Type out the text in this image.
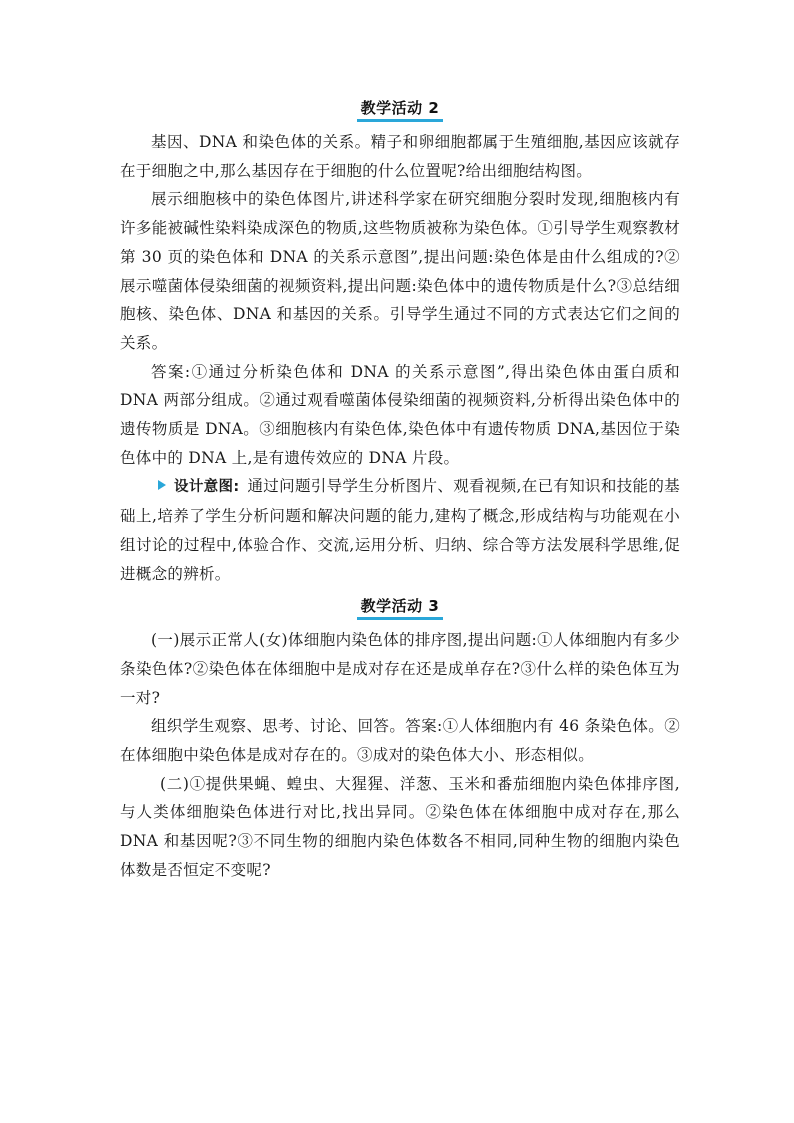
教学活动 2

基因、DNA 和染色体的关系。精子和卵细胞都属于生殖细胞,基因应该就存在于细胞之中,那么基因存在于细胞的什么位置呢?给出细胞结构图。

展示细胞核中的染色体图片,讲述科学家在研究细胞分裂时发现,细胞核内有许多能被碱性染料染成深色的物质,这些物质被称为染色体。①引导学生观察教材第 30 页的染色体和 DNA 的关系示意图”,提出问题:染色体是由什么组成的?②展示噬菌体侵染细菌的视频资料,提出问题:染色体中的遗传物质是什么?③总结细胞核、染色体、DNA 和基因的关系。引导学生通过不同的方式表达它们之间的关系。

答案:①通过分析染色体和 DNA 的关系示意图”,得出染色体由蛋白质和 DNA 两部分组成。②通过观看噬菌体侵染细菌的视频资料,分析得出染色体中的遗传物质是 DNA。③细胞核内有染色体,染色体中有遗传物质 DNA,基因位于染色体中的 DNA 上,是有遗传效应的 DNA 片段。

设计意图: 通过问题引导学生分析图片、观看视频,在已有知识和技能的基础上,培养了学生分析问题和解决问题的能力,建构了概念,形成结构与功能观在小组讨论的过程中,体验合作、交流,运用分析、归纳、综合等方法发展科学思维,促进概念的辨析。

教学活动 3

(一)展示正常人(女)体细胞内染色体的排序图,提出问题:①人体细胞内有多少条染色体?②染色体在体细胞中是成对存在还是成单存在?③什么样的染色体互为一对?

组织学生观察、思考、讨论、回答。答案:①人体细胞内有 46 条染色体。②在体细胞中染色体是成对存在的。③成对的染色体大小、形态相似。

(二)①提供果蝇、蝗虫、大猩猩、洋葱、玉米和番茄细胞内染色体排序图,与人类体细胞染色体进行对比,找出异同。②染色体在体细胞中成对存在,那么 DNA 和基因呢?③不同生物的细胞内染色体数各不相同,同种生物的细胞内染色体数是否恒定不变呢?
